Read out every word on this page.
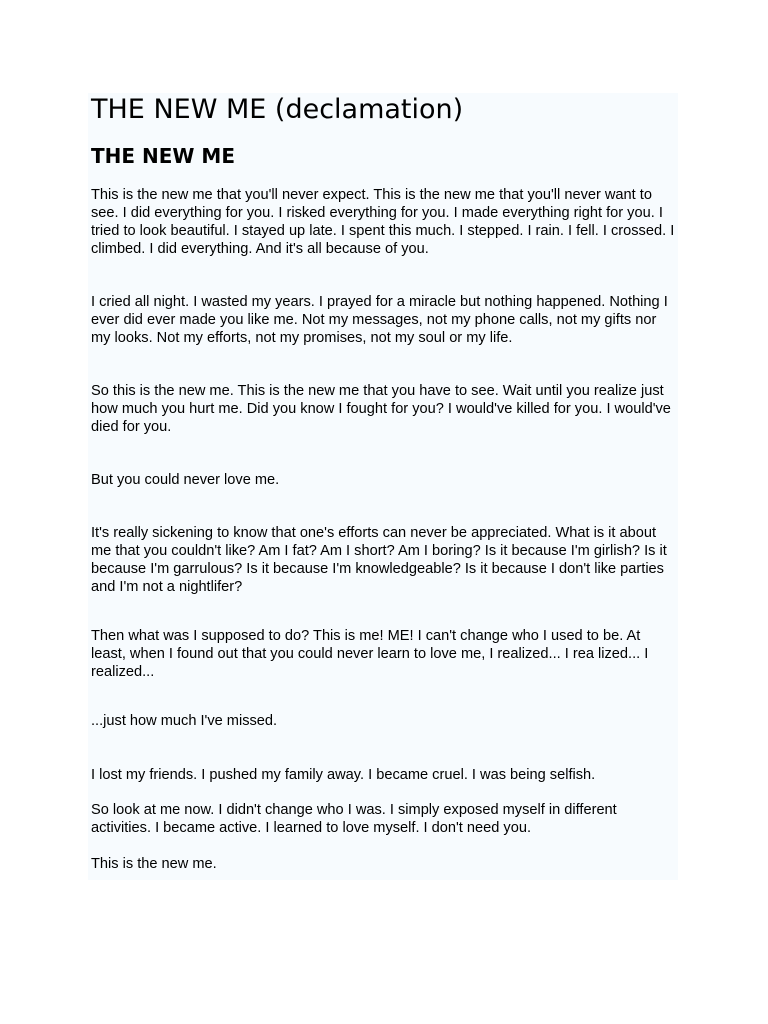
THE NEW ME (declamation)
THE NEW ME

This is the new me that you'll never expect. This is the new me that you'll never want to see. I did everything for you. I risked everything for you. I made everything right for you. I tried to look beautiful. I stayed up late. I spent this much. I stepped. I rain. I fell. I crossed. I climbed. I did everything. And it's all because of you.

I cried all night. I wasted my years. I prayed for a miracle but nothing happened. Nothing I ever did ever made you like me. Not my messages, not my phone calls, not my gifts nor my looks. Not my efforts, not my promises, not my soul or my life.

So this is the new me. This is the new me that you have to see. Wait until you realize just how much you hurt me. Did you know I fought for you? I would've killed for you. I would've died for you.

But you could never love me.

It's really sickening to know that one's efforts can never be appreciated. What is it about me that you couldn't like? Am I fat? Am I short? Am I boring? Is it because I'm girlish? Is it because I'm garrulous? Is it because I'm knowledgeable? Is it because I don't like parties and I'm not a nightlifer?

Then what was I supposed to do? This is me! ME! I can't change who I used to be. At least, when I found out that you could never learn to love me, I realized... I rea lized... I realized...

...just how much I've missed.

I lost my friends. I pushed my family away. I became cruel. I was being selfish.

So look at me now. I didn't change who I was. I simply exposed myself in different activities. I became active. I learned to love myself. I don't need you.

This is the new me.
